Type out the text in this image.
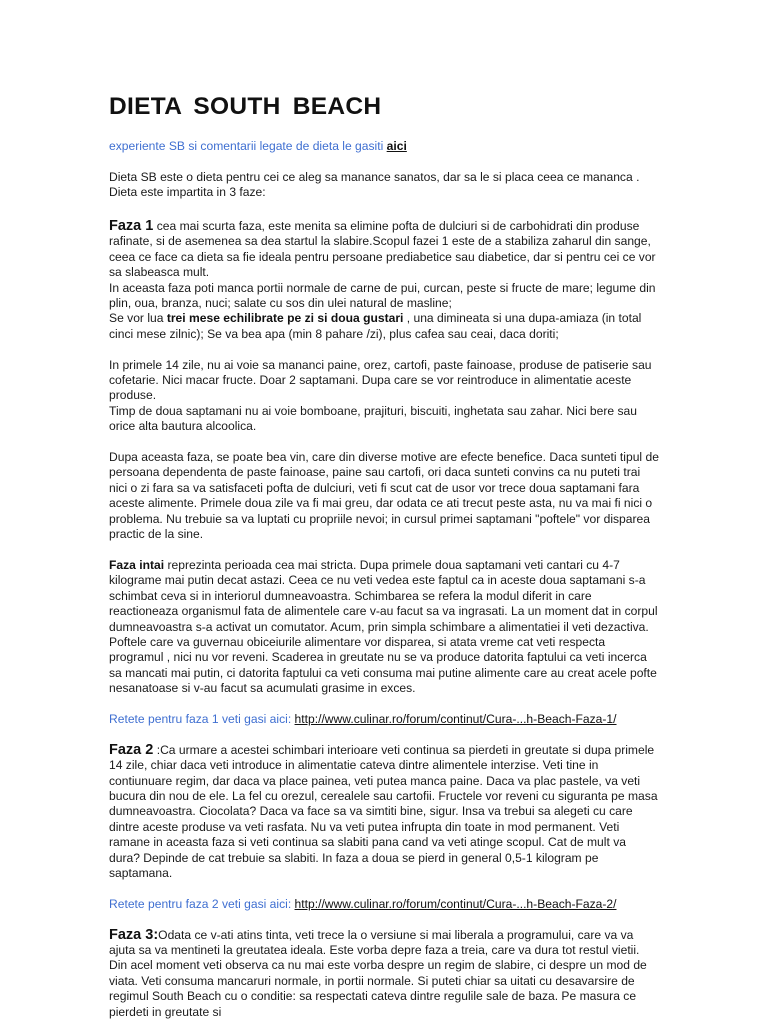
DIETA SOUTH BEACH

experiente SB si comentarii legate de dieta le gasiti aici

Dieta SB este o dieta pentru cei ce aleg sa manance sanatos, dar sa le si placa ceea ce mananca . Dieta este impartita in 3 faze:

Faza 1 cea mai scurta faza, este menita sa elimine pofta de dulciuri si de carbohidrati din produse rafinate, si de asemenea sa dea startul la slabire.Scopul fazei 1 este de a stabiliza zaharul din sange, ceea ce face ca dieta sa fie ideala pentru persoane prediabetice sau diabetice, dar si pentru cei ce vor sa slabeasca mult.

In aceasta faza poti manca portii normale de carne de pui, curcan, peste si fructe de mare; legume din plin, oua, branza, nuci; salate cu sos din ulei natural de masline;

Se vor lua trei mese echilibrate pe zi si doua gustari , una dimineata si una dupa-amiaza (in total cinci mese zilnic); Se va bea apa (min 8 pahare /zi), plus cafea sau ceai, daca doriti;

In primele 14 zile, nu ai voie sa mananci paine, orez, cartofi, paste fainoase, produse de patiserie sau cofetarie. Nici macar fructe. Doar 2 saptamani. Dupa care se vor reintroduce in alimentatie aceste produse.

Timp de doua saptamani nu ai voie bomboane, prajituri, biscuiti, inghetata sau zahar. Nici bere sau orice alta bautura alcoolica.

Dupa aceasta faza, se poate bea vin, care din diverse motive are efecte benefice. Daca sunteti tipul de persoana dependenta de paste fainoase, paine sau cartofi, ori daca sunteti convins ca nu puteti trai nici o zi fara sa va satisfaceti pofta de dulciuri, veti fi scut cat de usor vor trece doua saptamani fara aceste alimente. Primele doua zile va fi mai greu, dar odata ce ati trecut peste asta, nu va mai fi nici o problema. Nu trebuie sa va luptati cu propriile nevoi; in cursul primei saptamani "poftele" vor disparea practic de la sine.

Faza intai reprezinta perioada cea mai stricta. Dupa primele doua saptamani veti cantari cu 4-7 kilograme mai putin decat astazi. Ceea ce nu veti vedea este faptul ca in aceste doua saptamani s-a schimbat ceva si in interiorul dumneavoastra. Schimbarea se refera la modul diferit in care reactioneaza organismul fata de alimentele care v-au facut sa va ingrasati. La un moment dat in corpul dumneavoastra s-a activat un comutator. Acum, prin simpla schimbare a alimentatiei il veti dezactiva. Poftele care va guvernau obiceiurile alimentare vor disparea, si atata vreme cat veti respecta programul , nici nu vor reveni. Scaderea in greutate nu se va produce datorita faptului ca veti incerca sa mancati mai putin, ci datorita faptului ca veti consuma mai putine alimente care au creat acele pofte nesanatoase si v-au facut sa acumulati grasime in exces.

Retete pentru faza 1 veti gasi aici: http://www.culinar.ro/forum/continut/Cura-...h-Beach-Faza-1/

Faza 2 :Ca urmare a acestei schimbari interioare veti continua sa pierdeti in greutate si dupa primele 14 zile, chiar daca veti introduce in alimentatie cateva dintre alimentele interzise. Veti tine in contiunuare regim, dar daca va place painea, veti putea manca paine. Daca va plac pastele, va veti bucura din nou de ele. La fel cu orezul, cerealele sau cartofii. Fructele vor reveni cu siguranta pe masa dumneavoastra. Ciocolata? Daca va face sa va simtiti bine, sigur. Insa va trebui sa alegeti cu care dintre aceste produse va veti rasfata. Nu va veti putea infrupta din toate in mod permanent. Veti ramane in aceasta faza si veti continua sa slabiti pana cand va veti atinge scopul. Cat de mult va dura? Depinde de cat trebuie sa slabiti. In faza a doua se pierd in general 0,5-1 kilogram pe saptamana.

Retete pentru faza 2 veti gasi aici: http://www.culinar.ro/forum/continut/Cura-...h-Beach-Faza-2/

Faza 3:Odata ce v-ati atins tinta, veti trece la o versiune si mai liberala a programului, care va va ajuta sa va mentineti la greutatea ideala. Este vorba depre faza a treia, care va dura tot restul vietii. Din acel moment veti observa ca nu mai este vorba despre un regim de slabire, ci despre un mod de viata. Veti consuma mancaruri normale, in portii normale. Si puteti chiar sa uitati cu desavarsire de regimul South Beach cu o conditie: sa respectati cateva dintre regulile sale de baza. Pe masura ce pierdeti in greutate si
